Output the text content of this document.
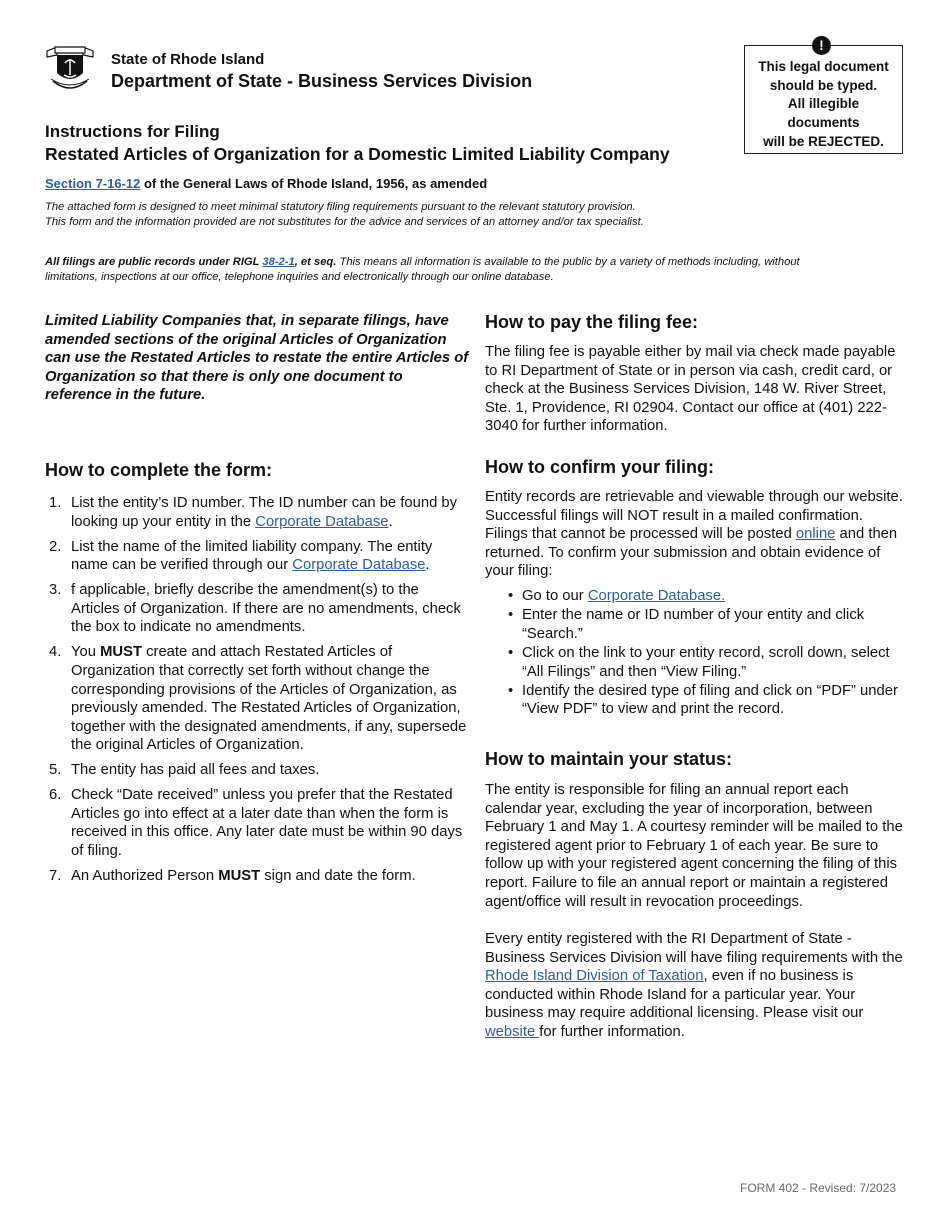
State of Rhode Island
Department of State - Business Services Division
This legal document
should be typed.
All illegible
documents
will be REJECTED.
!
Instructions for Filing
Restated Articles of Organization for a Domestic Limited Liability Company
Section 7-16-12 of the General Laws of Rhode Island, 1956, as amended
The attached form is designed to meet minimal statutory filing requirements pursuant to the relevant statutory provision.
This form and the information provided are not substitutes for the advice and services of an attorney and/or tax specialist.
All filings are public records under RIGL 38-2-1, et seq. This means all information is available to the public by a variety of methods including, without limitations, inspections at our office, telephone inquiries and electronically through our online database.
Limited Liability Companies that, in separate filings, have amended sections of the original Articles of Organization can use the Restated Articles to restate the entire Articles of Organization so that there is only one document to reference in the future.
How to complete the form:
1. List the entity’s ID number. The ID number can be found by looking up your entity in the Corporate Database.
2. List the name of the limited liability company. The entity name can be verified through our Corporate Database.
3. f applicable, briefly describe the amendment(s) to the Articles of Organization. If there are no amendments, check the box to indicate no amendments.
4. You MUST create and attach Restated Articles of Organization that correctly set forth without change the corresponding provisions of the Articles of Organization, as previously amended. The Restated Articles of Organization, together with the designated amendments, if any, supersede the original Articles of Organization.
5. The entity has paid all fees and taxes.
6. Check “Date received” unless you prefer that the Restated Articles go into effect at a later date than when the form is received in this office. Any later date must be within 90 days of filing.
7. An Authorized Person MUST sign and date the form.
How to pay the filing fee:
The filing fee is payable either by mail via check made payable to RI Department of State or in person via cash, credit card, or check at the Business Services Division, 148 W. River Street, Ste. 1, Providence, RI 02904. Contact our office at (401) 222-3040 for further information.
How to confirm your filing:
Entity records are retrievable and viewable through our website. Successful filings will NOT result in a mailed confirmation. Filings that cannot be processed will be posted online and then returned. To confirm your submission and obtain evidence of your filing:
• Go to our Corporate Database.
• Enter the name or ID number of your entity and click “Search.”
• Click on the link to your entity record, scroll down, select “All Filings” and then “View Filing.”
• Identify the desired type of filing and click on “PDF” under “View PDF” to view and print the record.
How to maintain your status:
The entity is responsible for filing an annual report each calendar year, excluding the year of incorporation, between February 1 and May 1. A courtesy reminder will be mailed to the registered agent prior to February 1 of each year. Be sure to follow up with your registered agent concerning the filing of this report. Failure to file an annual report or maintain a registered agent/office will result in revocation proceedings.
Every entity registered with the RI Department of State - Business Services Division will have filing requirements with the Rhode Island Division of Taxation, even if no business is conducted within Rhode Island for a particular year. Your business may require additional licensing. Please visit our website for further information.
FORM 402 - Revised: 7/2023
